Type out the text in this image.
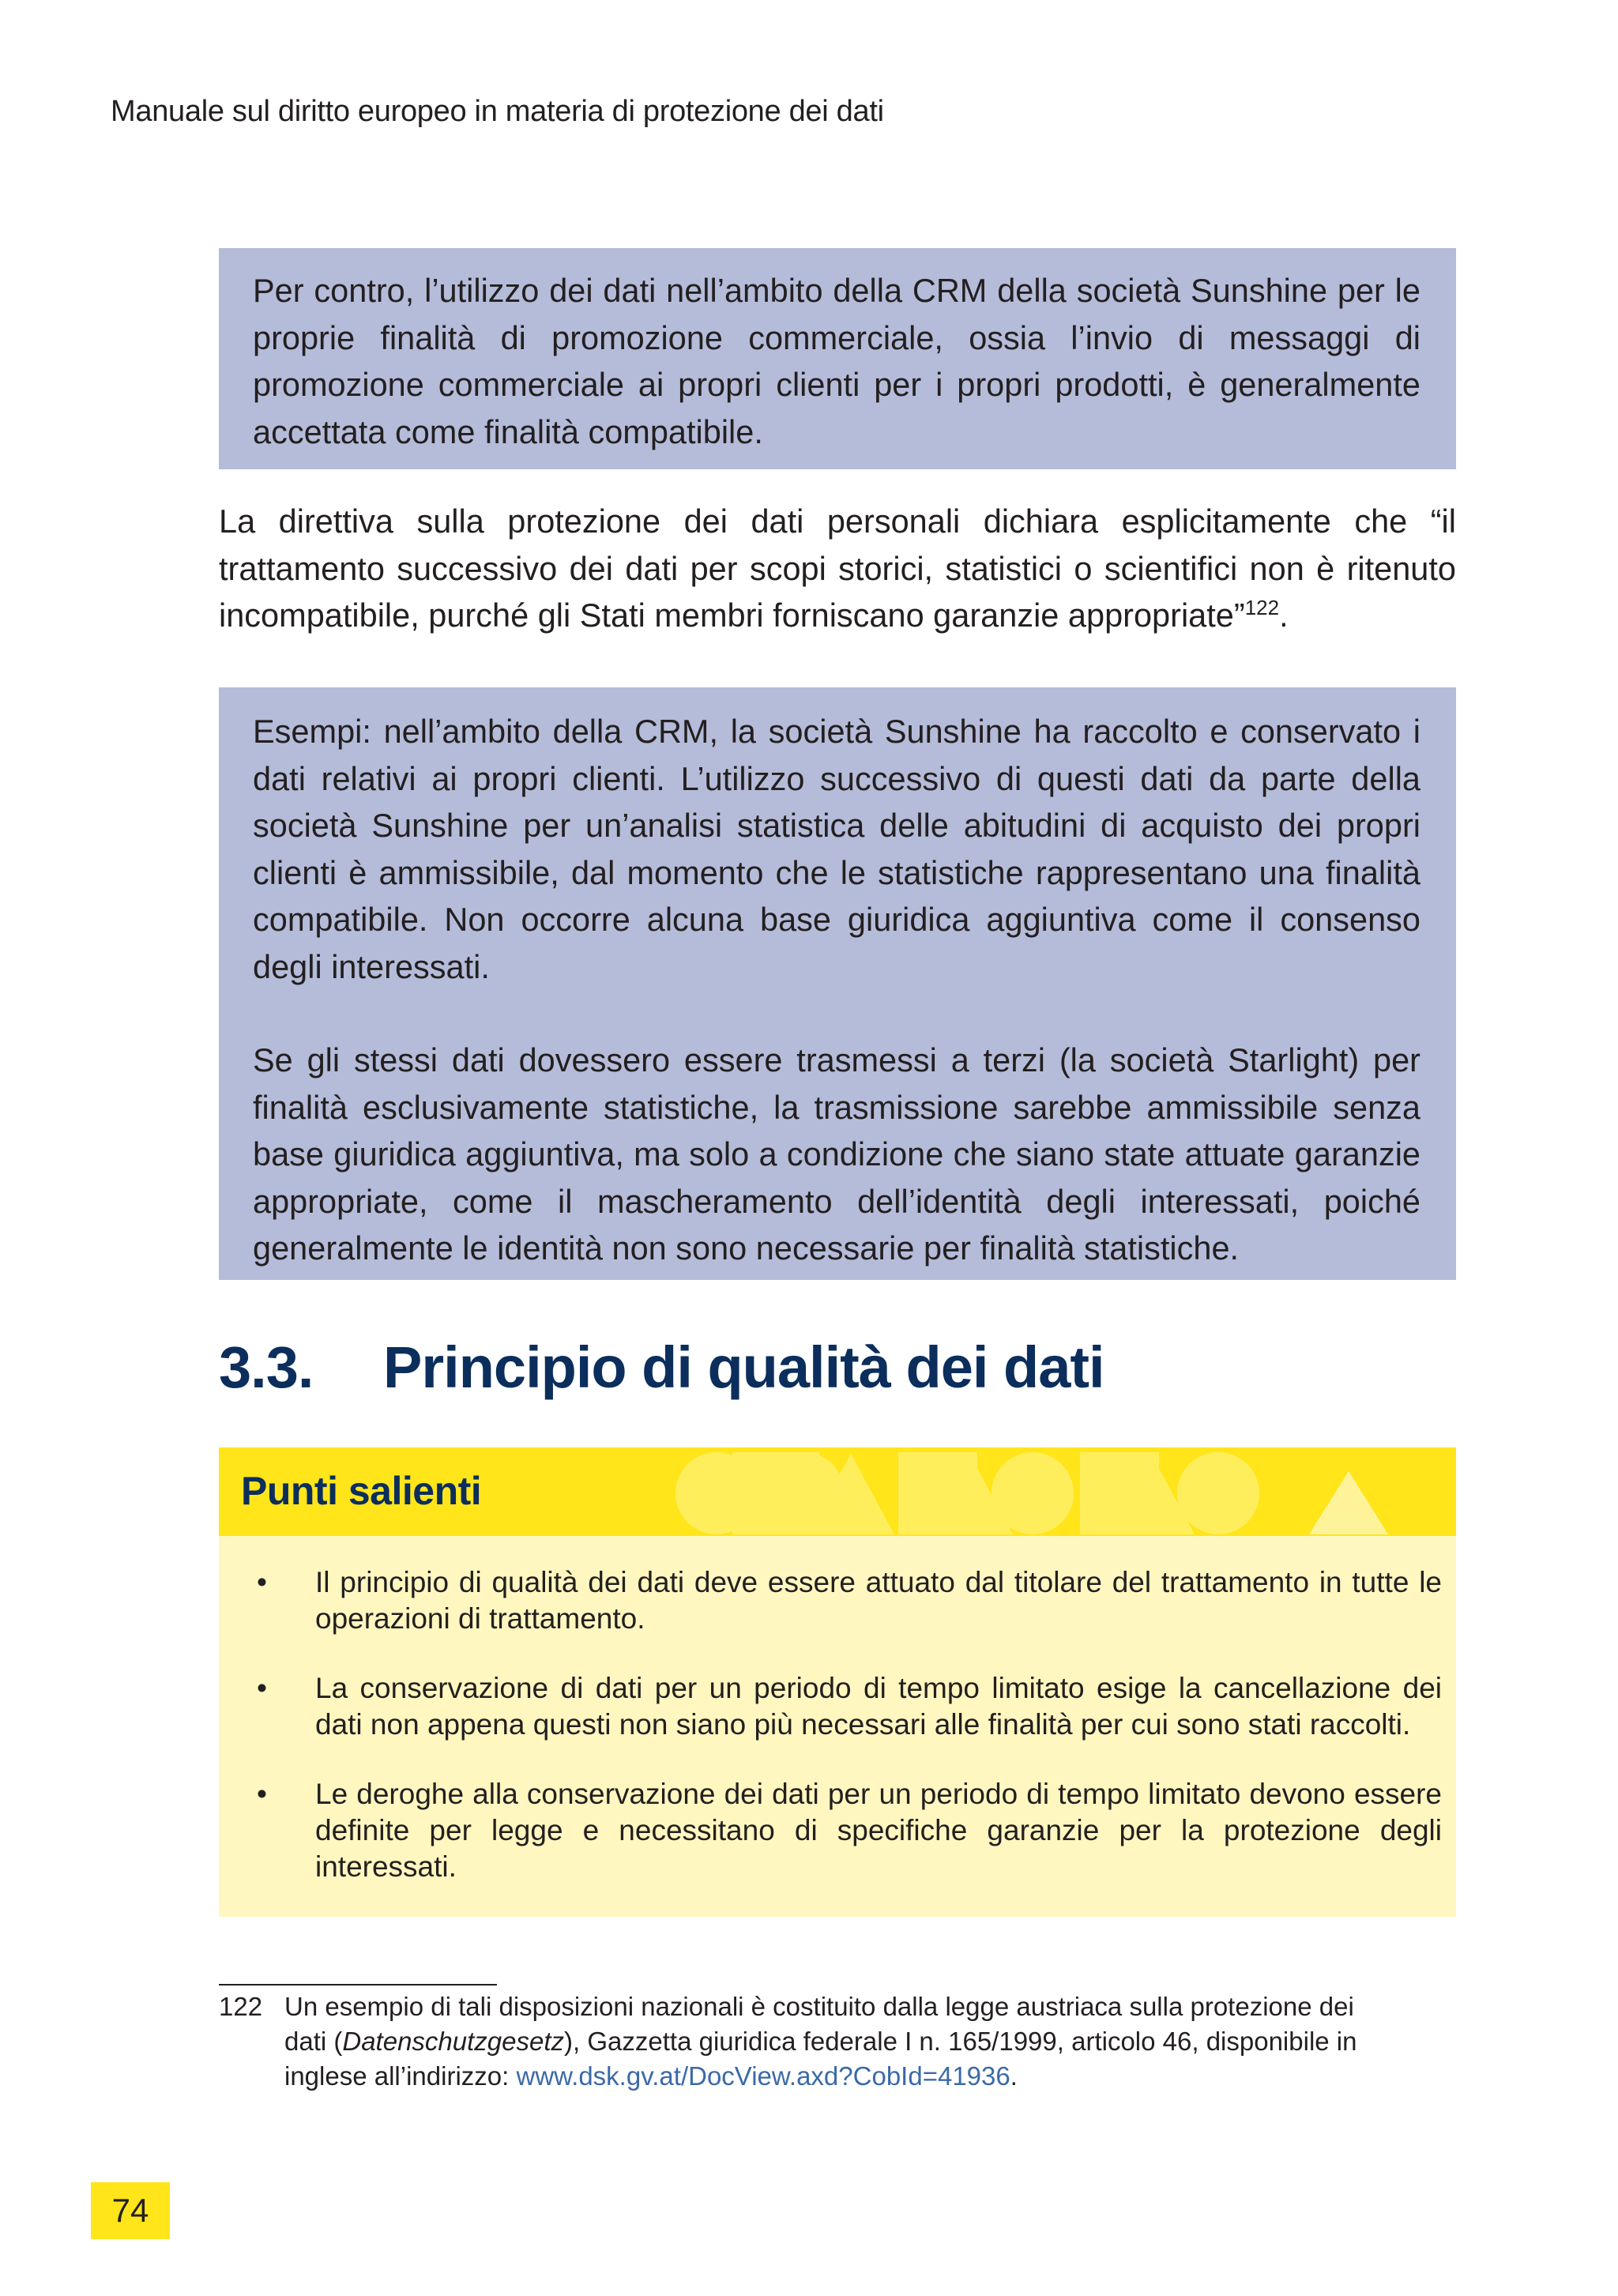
Manuale sul diritto europeo in materia di protezione dei dati

Per contro, l’utilizzo dei dati nell’ambito della CRM della società Sunshine per le proprie finalità di promozione commerciale, ossia l’invio di messaggi di promozione commerciale ai propri clienti per i propri prodotti, è generalmente accettata come finalità compatibile.

La direttiva sulla protezione dei dati personali dichiara esplicitamente che “il trattamento successivo dei dati per scopi storici, statistici o scientifici non è ritenuto incompatibile, purché gli Stati membri forniscano garanzie appropriate”$^{122}$.

Esempi: nell’ambito della CRM, la società Sunshine ha raccolto e conservato i dati relativi ai propri clienti. L’utilizzo successivo di questi dati da parte della società Sunshine per un’analisi statistica delle abitudini di acquisto dei propri clienti è ammissibile, dal momento che le statistiche rappresentano una finalità compatibile. Non occorre alcuna base giuridica aggiuntiva come il consenso degli interessati.

Se gli stessi dati dovessero essere trasmessi a terzi (la società Starlight) per finalità esclusivamente statistiche, la trasmissione sarebbe ammissibile senza base giuridica aggiuntiva, ma solo a condizione che siano state attuate garanzie appropriate, come il mascheramento dell’identità degli interessati, poiché generalmente le identità non sono necessarie per finalità statistiche.

3.3. Principio di qualità dei dati
Punti salienti
• Il principio di qualità dei dati deve essere attuato dal titolare del trattamento in tutte le operazioni di trattamento.
• La conservazione di dati per un periodo di tempo limitato esige la cancellazione dei dati non appena questi non siano più necessari alle finalità per cui sono stati raccolti.
• Le deroghe alla conservazione dei dati per un periodo di tempo limitato devono essere definite per legge e necessitano di specifiche garanzie per la protezione degli interessati.
122 Un esempio di tali disposizioni nazionali è costituito dalla legge austriaca sulla protezione dei dati (Datenschutzgesetz), Gazzetta giuridica federale I n. 165/1999, articolo 46, disponibile in inglese all’indirizzo: www.dsk.gv.at/DocView.axd?CobId=41936.
74
